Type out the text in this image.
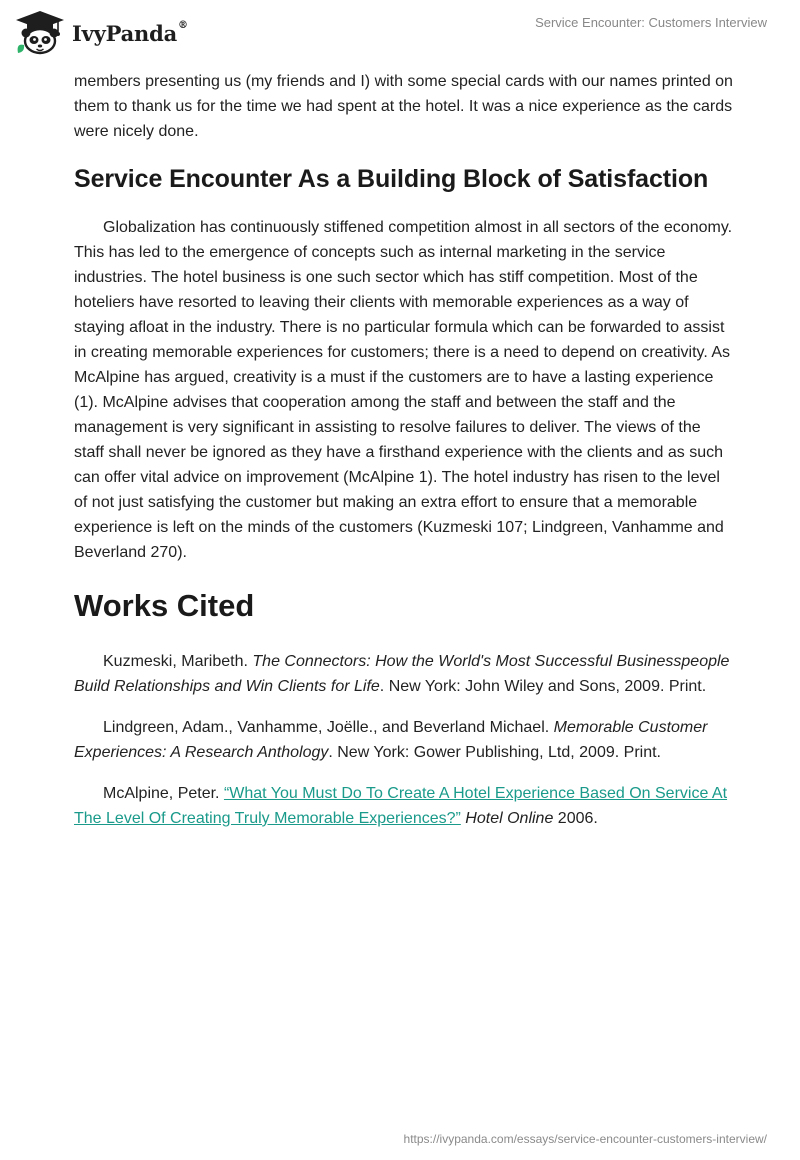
IvyPanda®	Service Encounter: Customers Interview

members presenting us (my friends and I) with some special cards with our names printed on them to thank us for the time we had spent at the hotel. It was a nice experience as the cards were nicely done.

Service Encounter As a Building Block of Satisfaction

Globalization has continuously stiffened competition almost in all sectors of the economy. This has led to the emergence of concepts such as internal marketing in the service industries. The hotel business is one such sector which has stiff competition. Most of the hoteliers have resorted to leaving their clients with memorable experiences as a way of staying afloat in the industry. There is no particular formula which can be forwarded to assist in creating memorable experiences for customers; there is a need to depend on creativity. As McAlpine has argued, creativity is a must if the customers are to have a lasting experience (1). McAlpine advises that cooperation among the staff and between the staff and the management is very significant in assisting to resolve failures to deliver. The views of the staff shall never be ignored as they have a firsthand experience with the clients and as such can offer vital advice on improvement (McAlpine 1). The hotel industry has risen to the level of not just satisfying the customer but making an extra effort to ensure that a memorable experience is left on the minds of the customers (Kuzmeski 107; Lindgreen, Vanhamme and Beverland 270).

Works Cited

Kuzmeski, Maribeth. The Connectors: How the World's Most Successful Businesspeople Build Relationships and Win Clients for Life. New York: John Wiley and Sons, 2009. Print.

Lindgreen, Adam., Vanhamme, Joëlle., and Beverland Michael. Memorable Customer Experiences: A Research Anthology. New York: Gower Publishing, Ltd, 2009. Print.

McAlpine, Peter. “What You Must Do To Create A Hotel Experience Based On Service At The Level Of Creating Truly Memorable Experiences?” Hotel Online 2006.

https://ivypanda.com/essays/service-encounter-customers-interview/
